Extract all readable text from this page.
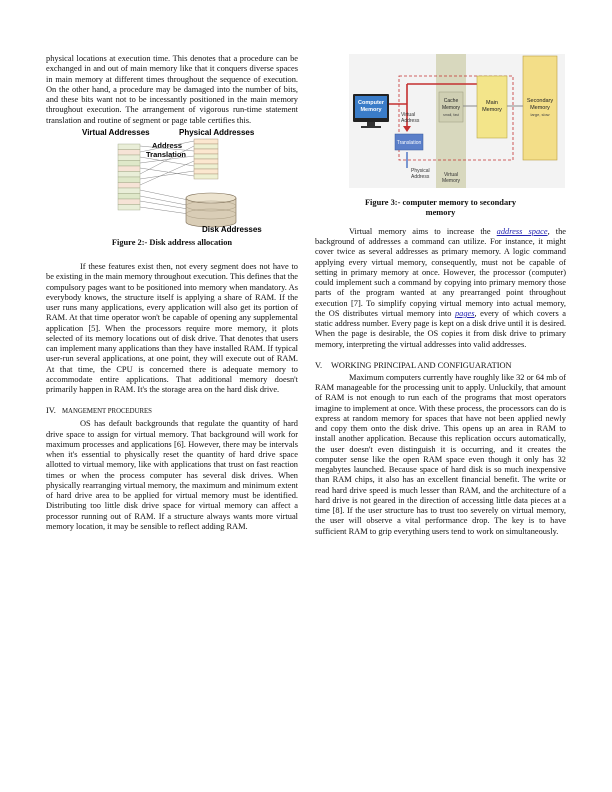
physical locations at execution time. This denotes that a procedure can be exchanged in and out of main memory like that it conquers diverse spaces in main memory at different times throughout the sequence of execution. On the other hand, a procedure may be damaged into the number of bits, and these bits want not to be incessantly positioned in the main memory throughout execution. The arrangement of vigorous run-time statement translation and routine of segment or page table certifies this.

Virtual Addresses	Physical Addresses
Address
Translation
Disk Addresses

Figure 2:- Disk address allocation

If these features exist then, not every segment does not have to be existing in the main memory throughout execution. This defines that the compulsory pages want to be positioned into memory when mandatory. As everybody knows, the structure itself is applying a share of RAM. If the user runs many applications, every application will also get its portion of RAM. At that time operator won't be capable of opening any supplemental application [5]. When the processors require more memory, it plots selected of its memory locations out of disk drive. That denotes that users can implement many applications than they have installed RAM. If typical user-run several applications, at one point, they will execute out of RAM. At that time, the CPU is concerned there is adequate memory to accommodate entire applications. That additional memory doesn't primarily happen in RAM. It's the storage area on the hard disk drive.

IV. MANGEMENT PROCEDURES

OS has default backgrounds that regulate the quantity of hard drive space to assign for virtual memory. That background will work for maximum processes and applications [6]. However, there may be intervals when it's essential to physically reset the quantity of hard drive space allotted to virtual memory, like with applications that trust on fast reaction times or when the process computer has several disk drives. When physically rearranging virtual memory, the maximum and minimum extent of hard drive area to be applied for virtual memory must be identified. Distributing too little disk drive space for virtual memory can affect a processor running out of RAM. If a structure always wants more virtual memory location, it may be sensible to reflect adding RAM.

Computer
Memory
Virtual
Address
Translation
Physical
Address	Virtual
Memory
Cache
Memory
small, fast
Main
Memory
Secondary
Memory
large, slow

Figure 3:- computer memory to secondary

memory

Virtual memory aims to increase the address space, the background of addresses a command can utilize. For instance, it might cover twice as several addresses as primary memory. A logic command applying every virtual memory, consequently, must not be capable of setting in primary memory at once. However, the processor (computer) could implement such a command by copying into primary memory those parts of the program wanted at any prearranged point throughout execution [7]. To simplify copying virtual memory into actual memory, the OS distributes virtual memory into pages, every of which covers a static address number. Every page is kept on a disk drive until it is desired. When the page is desirable, the OS copies it from disk drive to primary memory, interpreting the virtual addresses into valid addresses.

V. WORKING PRINCIPAL AND CONFIGUARATION

Maximum computers currently have roughly like 32 or 64 mb of RAM manageable for the processing unit to apply. Unluckily, that amount of RAM is not enough to run each of the programs that most operators imagine to implement at once. With these process, the processors can do is express at random memory for spaces that have not been applied newly and copy them onto the disk drive. This opens up an area in RAM to install another application. Because this replication occurs automatically, the user doesn't even distinguish it is occurring, and it creates the computer sense like the open RAM space even though it only has 32 megabytes launched. Because space of hard disk is so much inexpensive than RAM chips, it also has an excellent financial benefit. The write or read hard drive speed is much lesser than RAM, and the architecture of a hard drive is not geared in the direction of accessing little data pieces at a time [8]. If the user structure has to trust too severely on virtual memory, the user will observe a vital performance drop. The key is to have sufficient RAM to grip everything users tend to work on simultaneously.
